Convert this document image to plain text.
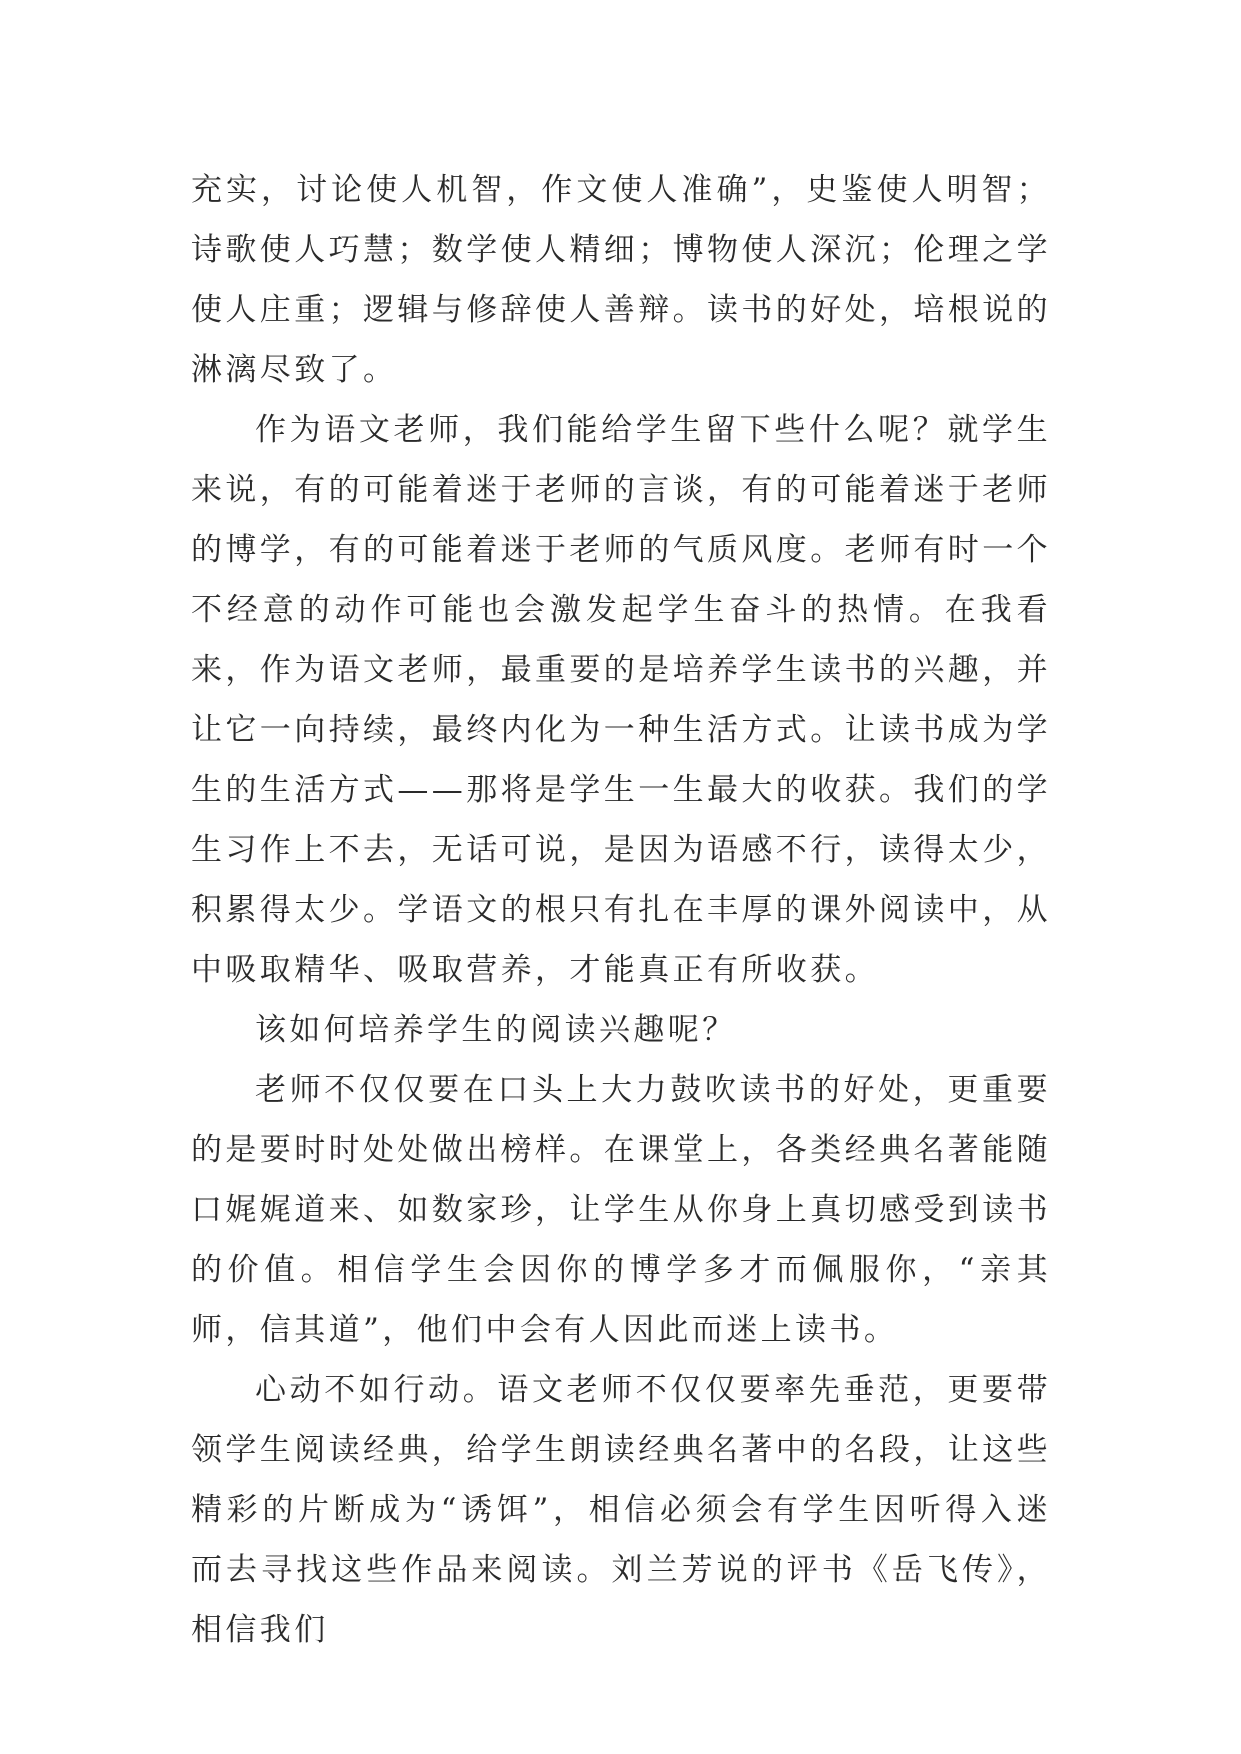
充实，讨论使人机智，作文使人准确”，史鉴使人明智；诗歌使人巧慧；数学使人精细；博物使人深沉；伦理之学使人庄重；逻辑与修辞使人善辩。读书的好处，培根说的淋漓尽致了。

作为语文老师，我们能给学生留下些什么呢？就学生来说，有的可能着迷于老师的言谈，有的可能着迷于老师的博学，有的可能着迷于老师的气质风度。老师有时一个不经意的动作可能也会激发起学生奋斗的热情。在我看来，作为语文老师，最重要的是培养学生读书的兴趣，并让它一向持续，最终内化为一种生活方式。让读书成为学生的生活方式——那将是学生一生最大的收获。我们的学生习作上不去，无话可说，是因为语感不行，读得太少，积累得太少。学语文的根只有扎在丰厚的课外阅读中，从中吸取精华、吸取营养，才能真正有所收获。

该如何培养学生的阅读兴趣呢？

老师不仅仅要在口头上大力鼓吹读书的好处，更重要的是要时时处处做出榜样。在课堂上，各类经典名著能随口娓娓道来、如数家珍，让学生从你身上真切感受到读书的价值。相信学生会因你的博学多才而佩服你，“亲其师，信其道”，他们中会有人因此而迷上读书。

心动不如行动。语文老师不仅仅要率先垂范，更要带领学生阅读经典，给学生朗读经典名著中的名段，让这些精彩的片断成为“诱饵”，相信必须会有学生因听得入迷而去寻找这些作品来阅读。刘兰芳说的评书《岳飞传》，相信我们
